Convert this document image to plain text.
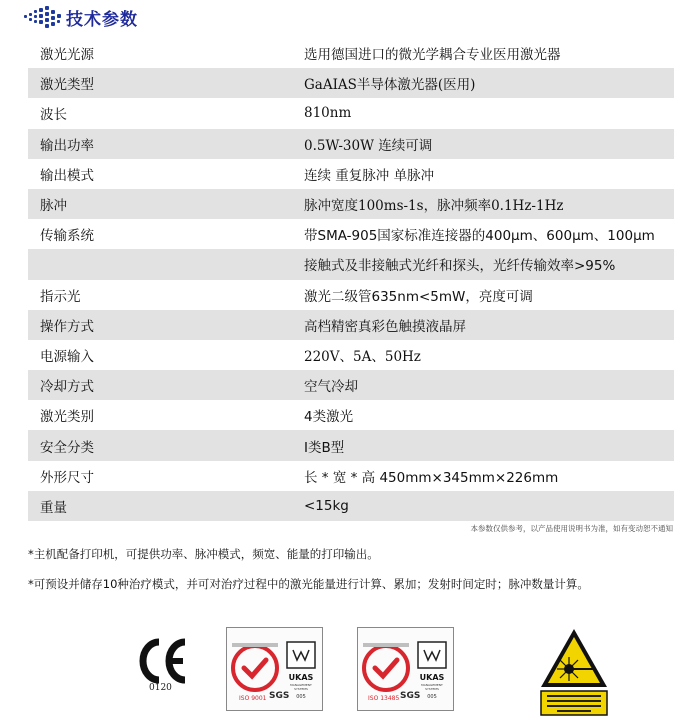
技术参数
激光光源	选用德国进口的微光学耦合专业医用激光器
激光类型	GaAIAS半导体激光器(医用)
波长	810nm
输出功率	0.5W-30W 连续可调
输出模式	连续 重复脉冲 单脉冲
脉冲	脉冲宽度100ms-1s，脉冲频率0.1Hz-1Hz
传输系统	带SMA-905国家标准连接器的400μm、600μm、100μm
接触式及非接触式光纤和探头，光纤传输效率>95%
指示光	激光二级管635nm<5mW，亮度可调
操作方式	高档精密真彩色触摸液晶屏
电源输入	220V、5A、50Hz
冷却方式	空气冷却
激光类别	4类激光
安全分类	I类B型
外形尺寸	长 * 宽 * 高 450mm×345mm×226mm
重量	<15kg
本参数仅供参考，以产品使用说明书为准，如有变动恕不通知
*主机配备打印机，可提供功率、脉冲模式，频宽、能量的打印输出。
*可预设并储存10种治疗模式，并可对治疗过程中的激光能量进行计算、累加；发射时间定时；脉冲数量计算。
0120
ISO 9001 SGS
UKAS
MANAGEMENT
SYSTEMS
005	ISO 13485 SGS
UKAS
MANAGEMENT
SYSTEMS
005
